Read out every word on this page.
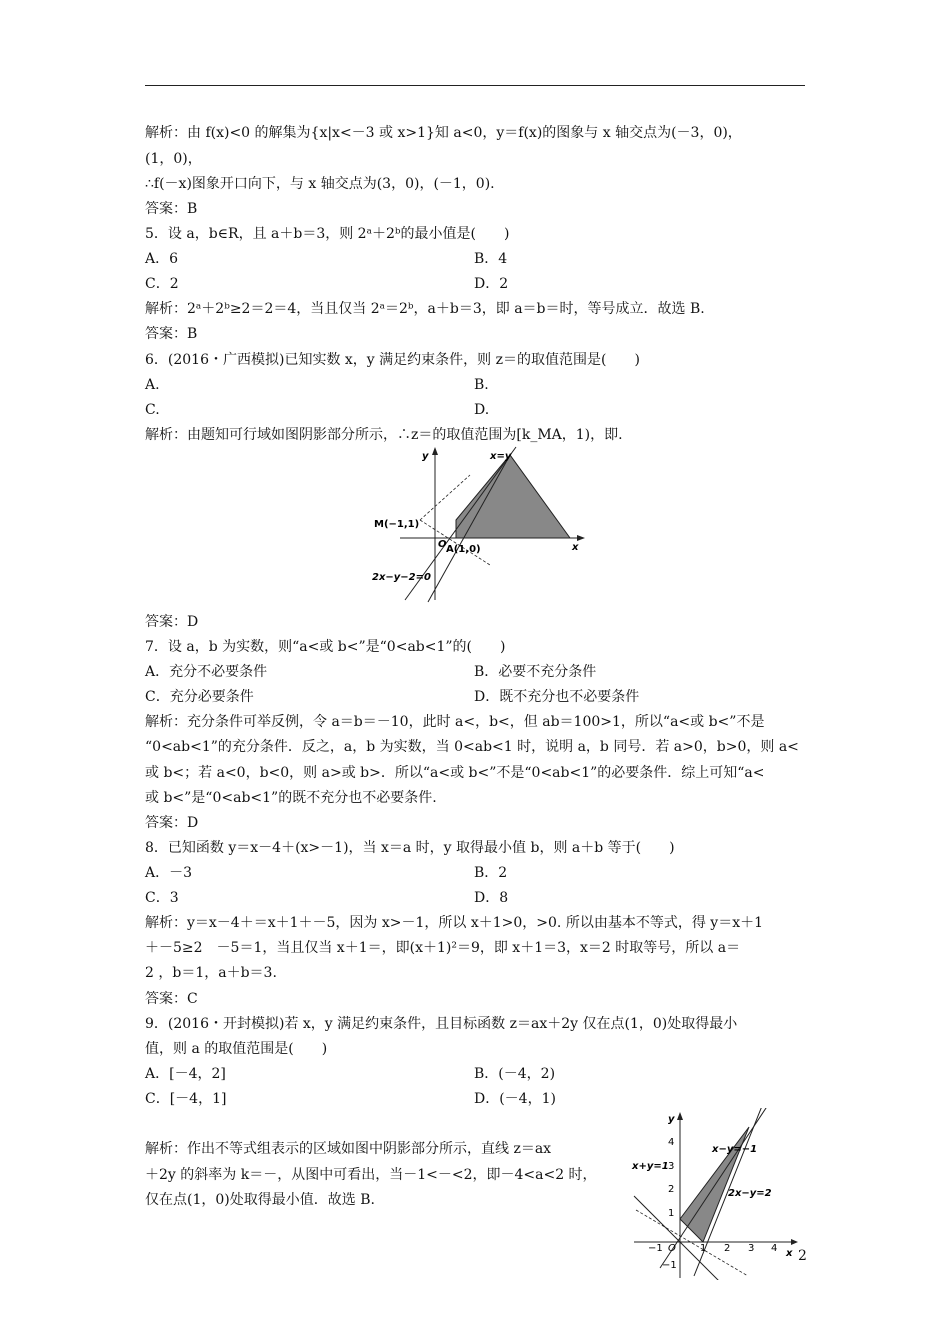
解析：由 f(x)<0 的解集为{x|x<－3 或 x>1}知 a<0，y＝f(x)的图象与 x 轴交点为(－3，0)，
(1，0)，
∴f(－x)图象开口向下，与 x 轴交点为(3，0)，(－1，0).
答案：B
5．设 a，b∈R，且 a＋b＝3，则 2ᵃ＋2ᵇ的最小值是(　　)
A．6	B．4
C．2	D．2
解析：2ᵃ＋2ᵇ≥2＝2＝4，当且仅当 2ᵃ＝2ᵇ，a＋b＝3，即 a＝b＝时，等号成立．故选 B.
答案：B
6．(2016・广西模拟)已知实数 x，y 满足约束条件，则 z＝的取值范围是(　　)
A.	B.
C.	D.
解析：由题知可行域如图阴影部分所示，∴z＝的取值范围为[k_MA，1)，即.
y
x
x=y
M(−1,1)
O A(1,0)
2x−y−2=0
答案：D
7．设 a，b 为实数，则“a<或 b<”是“0<ab<1”的(　　)
A．充分不必要条件	B．必要不充分条件
C．充分必要条件	D．既不充分也不必要条件
解析：充分条件可举反例，令 a＝b＝－10，此时 a<，b<，但 ab＝100>1，所以“a<或 b<”不是
“0<ab<1”的充分条件．反之，a，b 为实数，当 0<ab<1 时，说明 a，b 同号．若 a>0，b>0，则 a<
或 b<；若 a<0，b<0，则 a>或 b>．所以“a<或 b<”不是“0<ab<1”的必要条件．综上可知“a<
或 b<”是“0<ab<1”的既不充分也不必要条件.
答案：D
8．已知函数 y＝x－4＋(x>－1)，当 x＝a 时，y 取得最小值 b，则 a＋b 等于(　　)
A．－3	B．2
C．3	D．8
解析：y＝x－4＋＝x＋1＋－5，因为 x>－1，所以 x＋1>0，>0. 所以由基本不等式，得 y＝x＋1
＋－5≥2　－5＝1，当且仅当 x＋1＝，即(x＋1)²＝9，即 x＋1＝3，x＝2 时取等号，所以 a＝
2 ，b＝1，a＋b＝3.
答案：C
9．(2016・开封模拟)若 x，y 满足约束条件，且目标函数 z＝ax＋2y 仅在点(1，0)处取得最小
值，则 a 的取值范围是(　　)
A．[－4，2]	B．(－4，2)
C．[－4，1]	D．(－4，1)
解析：作出不等式组表示的区域如图中阴影部分所示，直线 z＝ax
＋2y 的斜率为 k＝－，从图中可看出，当－1<－<2，即－4<a<2 时，
仅在点(1，0)处取得最小值．故选 B.
y
x
4
3
2
1
−1
O
−1	1 2 3 4
x−y=−1
x+y=1
2x−y=2
2
